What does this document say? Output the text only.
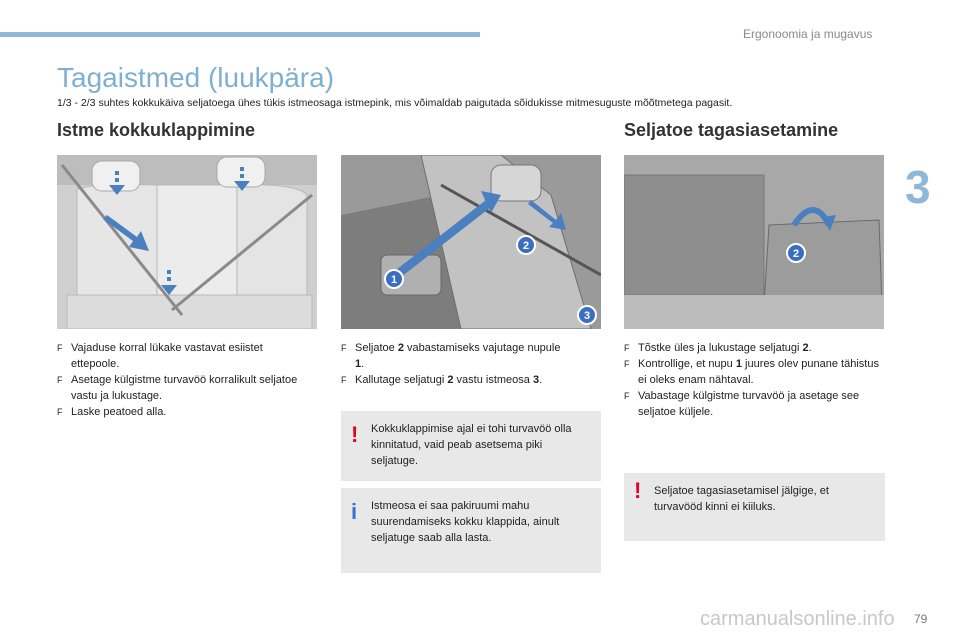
Ergonoomia ja mugavus
3
Tagaistmed (luukpära)
1/3 - 2/3 suhtes kokkukäiva seljatoega ühes tükis istmeosaga istmepink, mis võimaldab paigutada sõidukisse mitmesuguste mõõtmetega pagasit.
Istme kokkuklappimine	Seljatoe tagasiasetamine
1
2
3
2
F Vajaduse korral lükake vastavat esiistet ettepoole.
F Asetage külgistme turvavöö korralikult seljatoe vastu ja lukustage.
F Laske peatoed alla.
F Seljatoe 2 vabastamiseks vajutage nupule 1.
F Kallutage seljatugi 2 vastu istmeosa 3.
F Tõstke üles ja lukustage seljatugi 2.
F Kontrollige, et nupu 1 juures olev punane tähistus ei oleks enam nähtaval.
F Vabastage külgistme turvavöö ja asetage see seljatoe küljele.
! Kokkuklappimise ajal ei tohi turvavöö olla kinnitatud, vaid peab asetsema piki seljatuge.
i Istmeosa ei saa pakiruumi mahu suurendamiseks kokku klappida, ainult seljatuge saab alla lasta.
! Seljatoe tagasiasetamisel jälgige, et turvavööd kinni ei kiiluks.
carmanualsonline.info 79
